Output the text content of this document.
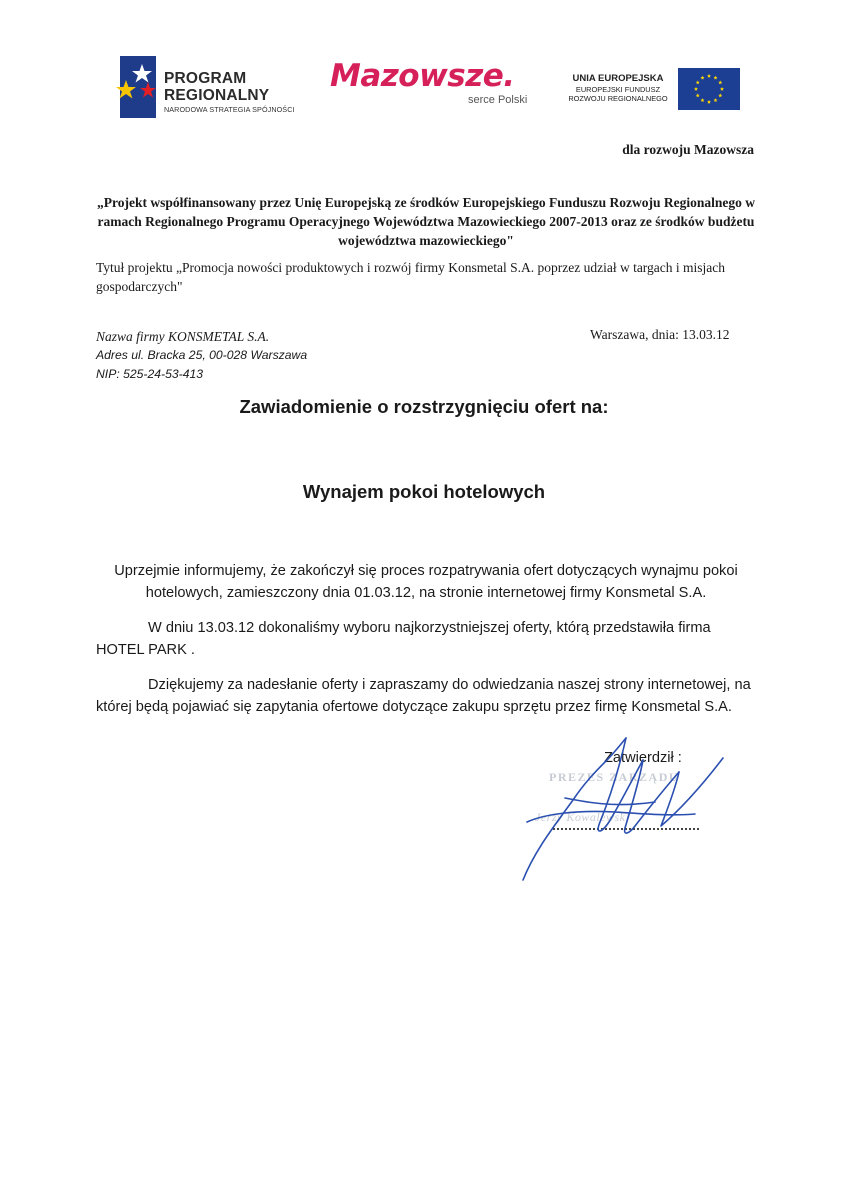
PROGRAM
REGIONALNY
NARODOWA STRATEGIA SPÓJNOŚCI
Mazowsze.
serce Polski
UNIA EUROPEJSKA
EUROPEJSKI FUNDUSZ
ROZWOJU REGIONALNEGO
dla rozwoju Mazowsza
„Projekt współfinansowany przez Unię Europejską ze środków Europejskiego Funduszu Rozwoju Regionalnego w ramach Regionalnego Programu Operacyjnego Województwa Mazowieckiego 2007-2013 oraz ze środków budżetu województwa mazowieckiego"
Tytuł projektu „Promocja nowości produktowych i rozwój firmy Konsmetal S.A. poprzez udział w targach i misjach gospodarczych"
Nazwa firmy KONSMETAL S.A.
Adres ul. Bracka 25, 00-028 Warszawa
NIP: 525-24-53-413
Warszawa, dnia: 13.03.12
Zawiadomienie o rozstrzygnięciu ofert na:
Wynajem pokoi hotelowych
Uprzejmie informujemy, że zakończył się proces rozpatrywania ofert dotyczących wynajmu pokoi hotelowych, zamieszczony dnia 01.03.12, na stronie internetowej firmy Konsmetal S.A.
W dniu 13.03.12 dokonaliśmy wyboru najkorzystniejszej oferty, którą przedstawiła firma HOTEL PARK .
Dziękujemy za nadesłanie oferty i zapraszamy do odwiedzania naszej strony internetowej, na której będą pojawiać się zapytania ofertowe dotyczące zakupu sprzętu przez firmę Konsmetal S.A.
PREZES ZARZĄDU
Jerzy Kowalewski
Zatwierdził :
